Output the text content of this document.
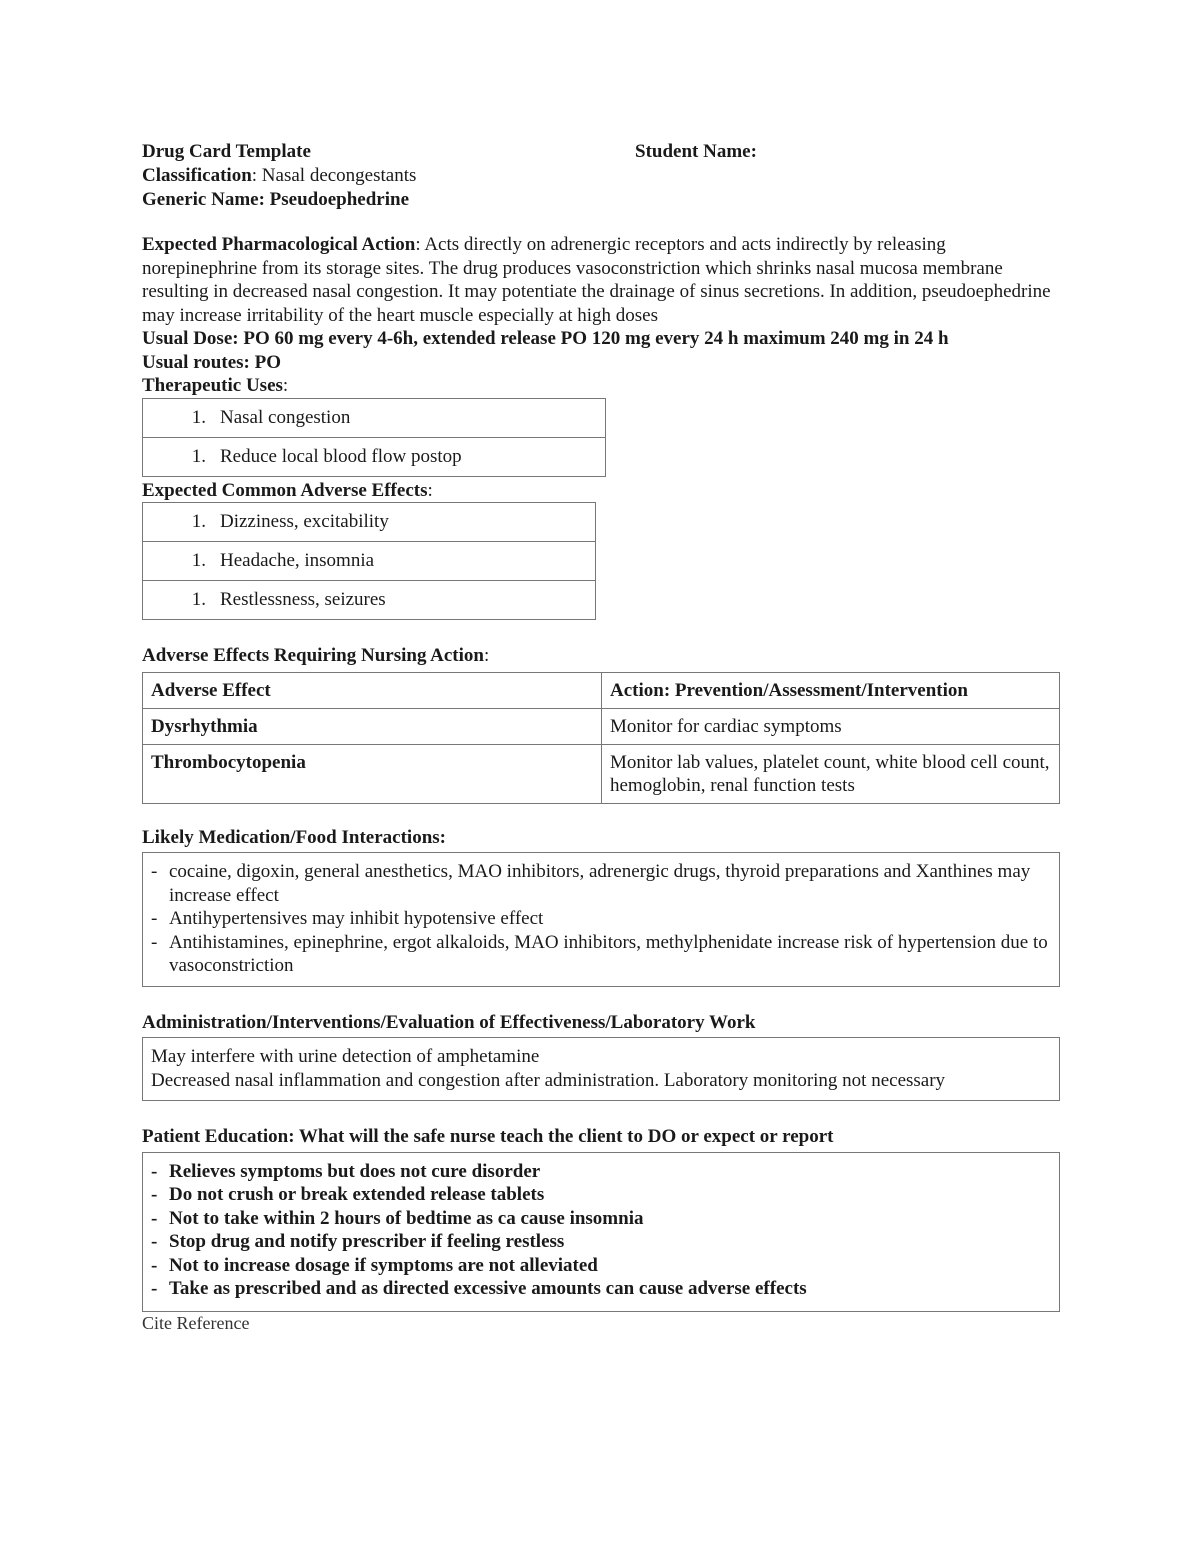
Drug Card Template	Student Name:
Classification: Nasal decongestants
Generic Name: Pseudoephedrine
Expected Pharmacological Action: Acts directly on adrenergic receptors and acts indirectly by releasing norepinephrine from its storage sites. The drug produces vasoconstriction which shrinks nasal mucosa membrane resulting in decreased nasal congestion. It may potentiate the drainage of sinus secretions. In addition, pseudoephedrine may increase irritability of the heart muscle especially at high doses
Usual Dose: PO 60 mg every 4-6h, extended release PO 120 mg every 24 h maximum 240 mg in 24 h
Usual routes: PO
Therapeutic Uses:
1. Nasal congestion
1. Reduce local blood flow postop
Expected Common Adverse Effects:
1. Dizziness, excitability
1. Headache, insomnia
1. Restlessness, seizures
Adverse Effects Requiring Nursing Action:
Adverse Effect	Action: Prevention/Assessment/Intervention
Dysrhythmia	Monitor for cardiac symptoms
Thrombocytopenia	Monitor lab values, platelet count, white blood cell count, hemoglobin, renal function tests
Likely Medication/Food Interactions:
- cocaine, digoxin, general anesthetics, MAO inhibitors, adrenergic drugs, thyroid preparations and Xanthines may increase effect
- Antihypertensives may inhibit hypotensive effect
- Antihistamines, epinephrine, ergot alkaloids, MAO inhibitors, methylphenidate increase risk of hypertension due to vasoconstriction
Administration/Interventions/Evaluation of Effectiveness/Laboratory Work
May interfere with urine detection of amphetamine
Decreased nasal inflammation and congestion after administration. Laboratory monitoring not necessary
Patient Education: What will the safe nurse teach the client to DO or expect or report
- Relieves symptoms but does not cure disorder
- Do not crush or break extended release tablets
- Not to take within 2 hours of bedtime as ca cause insomnia
- Stop drug and notify prescriber if feeling restless
- Not to increase dosage if symptoms are not alleviated
- Take as prescribed and as directed excessive amounts can cause adverse effects
Cite Reference
